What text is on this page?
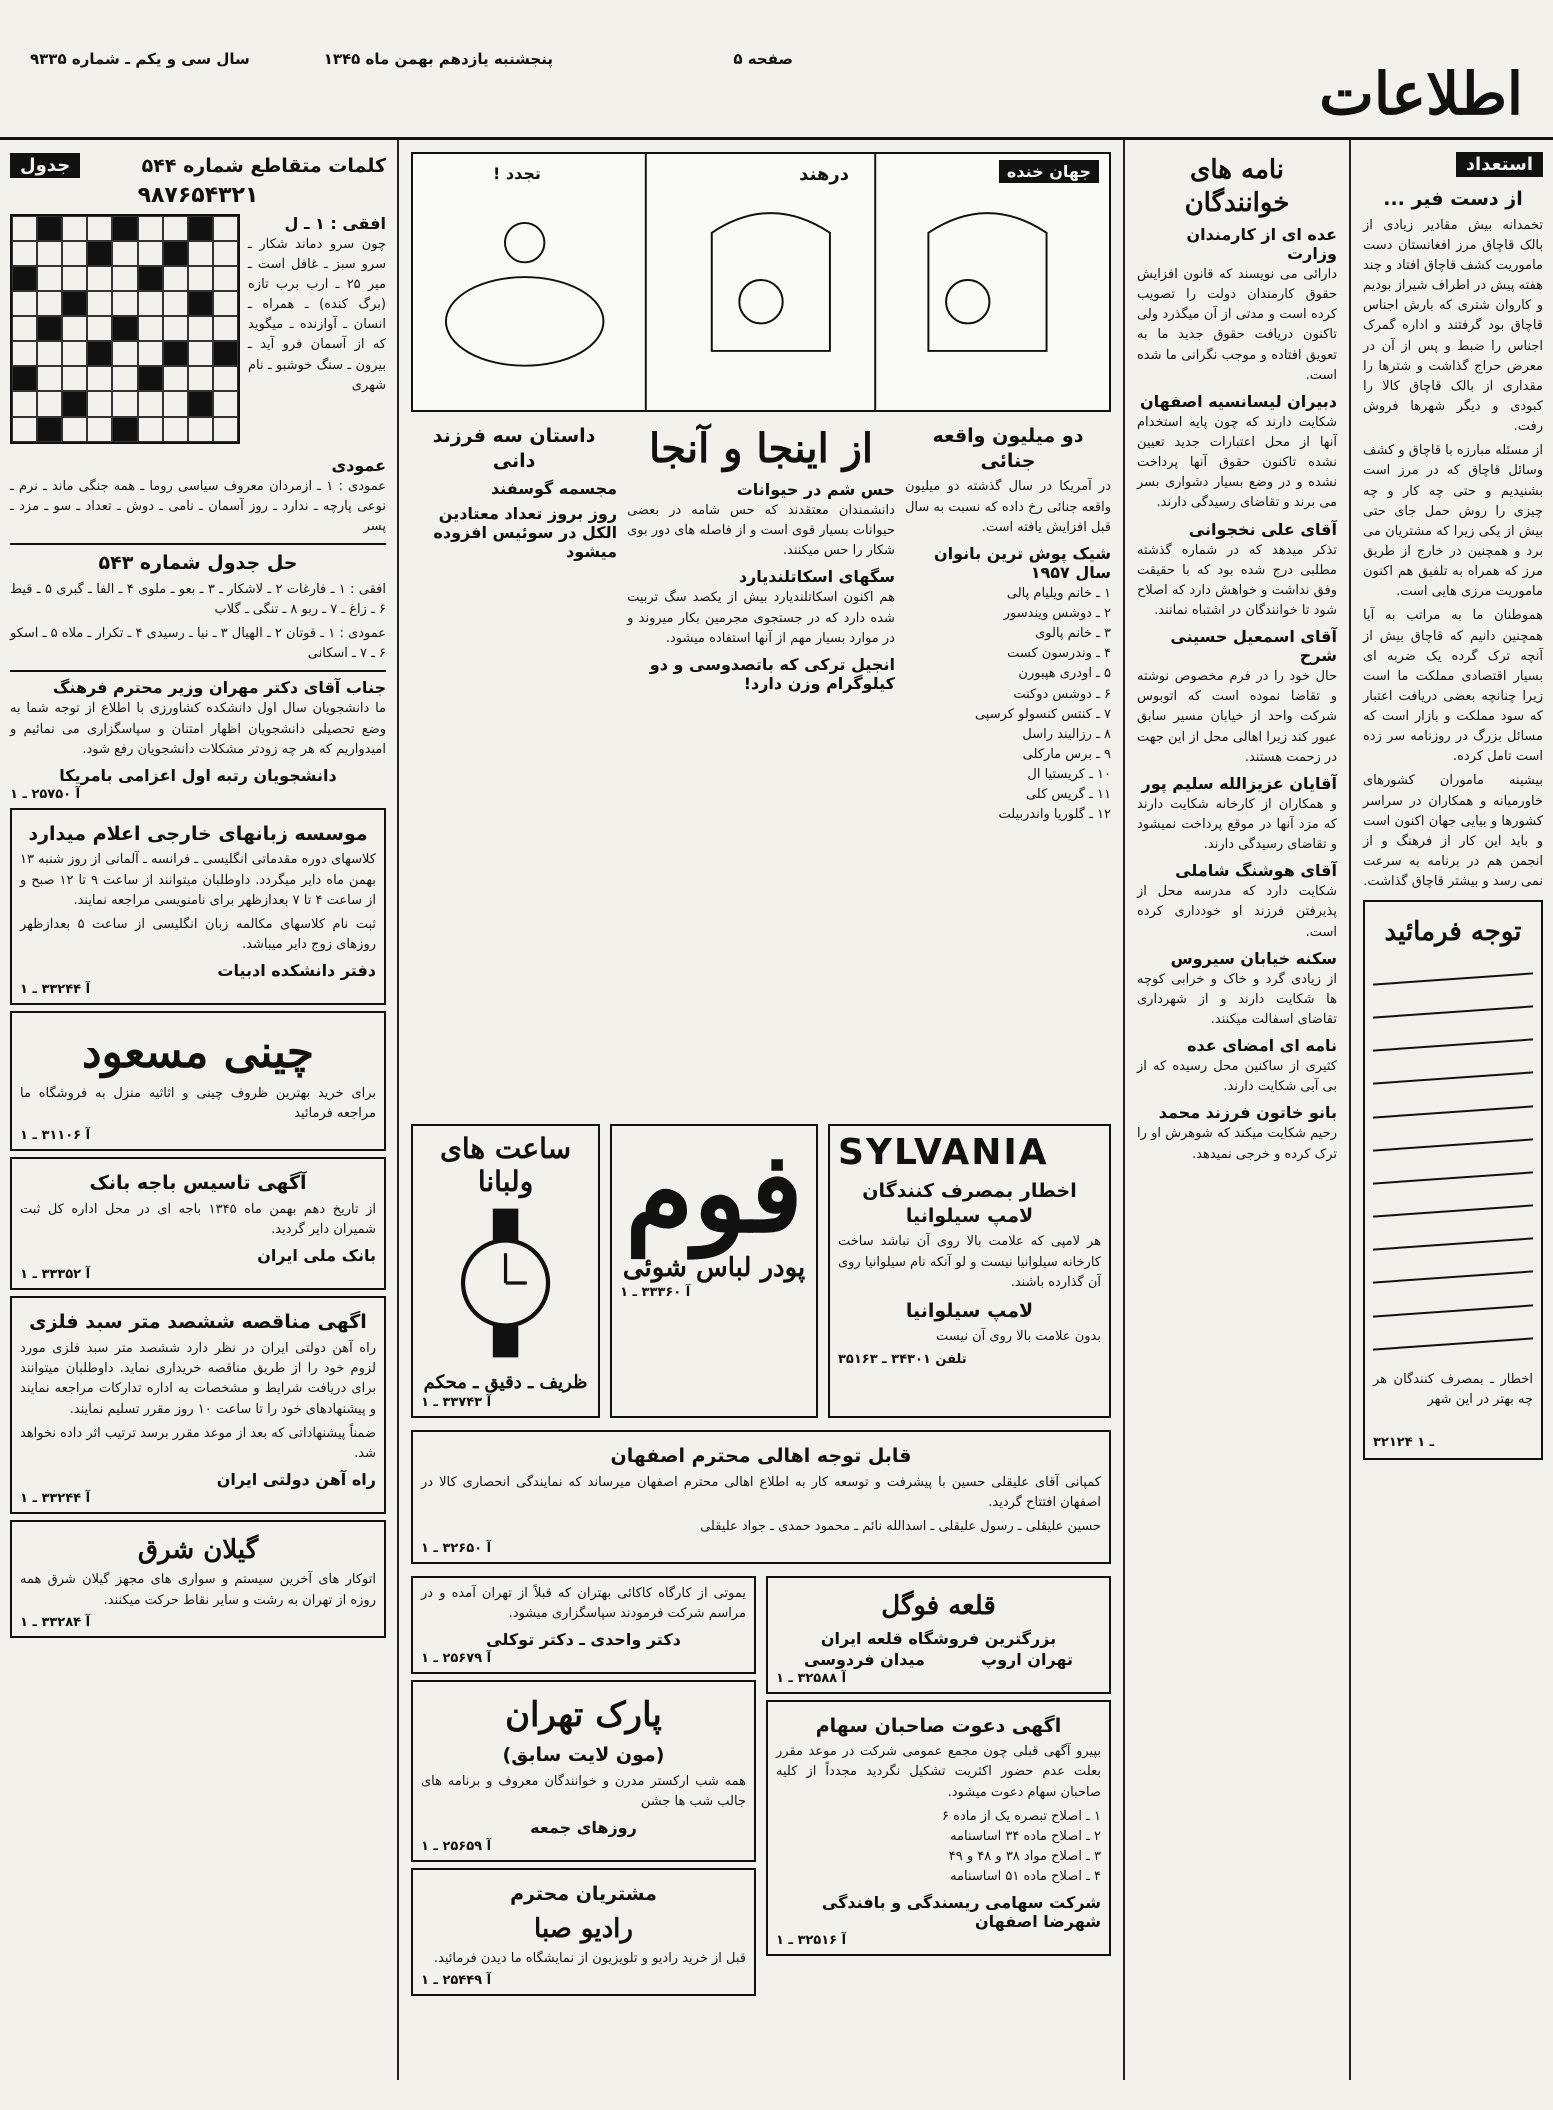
اطلاعات
صفحه ۵
پنجشنبه یازدهم بهمن ماه ۱۳۴۵
سال سی و یکم ـ شماره ۹۳۳۵
استعداد
از دست فیر ...

تخمدانه بیش مقادیر زیادی از بالک قاچاق مرز افغانستان دست ماموریت کشف قاچاق افتاد و چند هفته پیش در اطراف شیراز بودیم و کاروان شتری که بارش اجناس قاچاق بود گرفتند و اداره گمرک اجناس را ضبط و پس از آن در معرض حراج گذاشت و شترها را مقداری از بالک قاچاق کالا را کبودی و دیگر شهرها فروش رفت.

از مسئله مبارزه با قاچاق و کشف وسائل قاچاق که در مرز است بشنیدیم و حتی چه کار و چه چیزی را روش حمل جای حتی بیش از یکی زیرا که مشتریان می برد و همچنین در خارج از طریق مرز که همراه به تلفیق هم اکنون ماموریت مرزی هایی است.

هموطنان ما به مراتب به آیا همچنین دانیم که قاچاق بیش از آنچه ترک گرده یک ضربه ای بسیار اقتصادی مملکت ما است زیرا چنانچه بعضی دریافت اعتبار که سود مملکت و بازار است که مسائل بزرگ در روزنامه سر زده است تامل کرده.

بیشینه ماموران کشورهای خاورمیانه و همکاران در سراسر کشورها و بیایی جهان اکنون است و باید این کار از فرهنگ و از انجمن هم در برنامه به سرعت نمی رسد و بیشتر قاچاق گذاشت.

توجه فرمائید

اخطار ـ بمصرف کنندگان هر چه بهتر در این شهر

۳۲۱۲۴ ـ ۱
نامه های خوانندگان
عده ای از کارمندان وزارت

دارائی می نویسند که قانون افزایش حقوق کارمندان دولت را تصویب کرده است و مدتی از آن میگذرد ولی تاکنون دریافت حقوق جدید ما به تعویق افتاده و موجب نگرانی ما شده است.

دبیران لیسانسیه اصفهان

شکایت دارند که چون پایه استخدام آنها از محل اعتبارات جدید تعیین نشده تاکنون حقوق آنها پرداخت نشده و در وضع بسیار دشواری بسر می برند و تقاضای رسیدگی دارند.

آقای علی نخجوانی

تذکر میدهد که در شماره گذشته مطلبی درج شده بود که با حقیقت وفق نداشت و خواهش دارد که اصلاح شود تا خوانندگان در اشتباه نمانند.

آقای اسمعیل حسینی شرح

حال خود را در فرم مخصوص نوشته و تقاضا نموده است که اتوبوس شرکت واحد از خیابان مسیر سابق عبور کند زیرا اهالی محل از این جهت در زحمت هستند.

آقایان عزیزالله سلیم پور

و همکاران از کارخانه شکایت دارند که مزد آنها در موقع پرداخت نمیشود و تقاضای رسیدگی دارند.

آقای هوشنگ شاملی

شکایت دارد که مدرسه محل از پذیرفتن فرزند او خودداری کرده است.

سکنه خیابان سیروس

از زیادی گرد و خاک و خرابی کوچه ها شکایت دارند و از شهرداری تقاضای اسفالت میکنند.

نامه ای امضای عده

کثیری از ساکنین محل رسیده که از بی آبی شکایت دارند.

بانو خاتون فرزند محمد

رحیم شکایت میکند که شوهرش او را ترک کرده و خرجی نمیدهد.

جهان خنده
درهند
تجدد !
دو میلیون واقعه جنائی

در آمریکا در سال گذشته دو میلیون واقعه جنائی رخ داده که نسبت به سال قبل افزایش یافته است.

شیک پوش ترین بانوان سال ۱۹۵۷
۱ ـ خانم ویلیام پالی
۲ ـ دوشس ویندسور
۳ ـ خانم پالوی
۴ ـ وندرسون کست
۵ ـ اودری هپبورن
۶ ـ دوشس دوکنت
۷ ـ کنتس کنسولو کرسپی
۸ ـ رزالیند راسل
۹ ـ برس مارکلی
۱۰ ـ کریستیا ال
۱۱ ـ گریس کلی
۱۲ ـ گلوریا واندربیلت
از اینجا و آنجا
حس شم در حیوانات

دانشمندان معتقدند که حس شامه در بعضی حیوانات بسیار قوی است و از فاصله های دور بوی شکار را حس میکنند.

سگهای اسکاتلندیارد

هم اکنون اسکاتلندیارد بیش از یکصد سگ تربیت شده دارد که در جستجوی مجرمین بکار میروند و در موارد بسیار مهم از آنها استفاده میشود.

انجیل ترکی که باتصدوسی و دو کیلوگرام وزن دارد!
داستان سه فرزند دانی
مجسمه گوسفند
روز بروز تعداد معتادین الکل در سوئیس افزوده میشود
SYLVANIA
اخطار بمصرف کنندگان لامپ سیلوانیا

هر لامپی که علامت بالا روی آن نباشد ساخت کارخانه سیلوانیا نیست و لو آنکه نام سیلوانیا روی آن گذارده باشند.

لامپ سیلوانیا

بدون علامت بالا روی آن نیست

تلفن ۳۴۳۰۱ ـ ۳۵۱۶۳
فوم
پودر لباس شوئی
آ ۳۳۳۶۰ ـ ۱
ساعت های ولبانا
ظریف ـ دقیق ـ محکم
آ ۳۳۷۴۳ ـ ۱
قابل توجه اهالی محترم اصفهان

کمپانی آقای علیقلی حسین با پیشرفت و توسعه کار به اطلاع اهالی محترم اصفهان میرساند که نمایندگی انحصاری کالا در اصفهان افتتاح گردید.

حسین علیقلی ـ رسول علیقلی ـ اسدالله نائم ـ محمود حمدی ـ جواد علیقلی

آ ۳۲۶۵۰ ـ ۱
قلعه فوگل
بزرگترین فروشگاه قلعه ایران
تهران اروپ
میدان فردوسی
آ ۳۲۵۸۸ ـ ۱
اگهی دعوت صاحبان سهام

بپیرو آگهی قبلی چون مجمع عمومی شرکت در موعد مقرر بعلت عدم حضور اکثریت تشکیل نگردید مجدداً از کلیه صاحبان سهام دعوت میشود.

۱ ـ اصلاح تبصره یک از ماده ۶
۲ ـ اصلاح ماده ۳۴ اساسنامه
۳ ـ اصلاح مواد ۳۸ و ۴۸ و ۴۹
۴ ـ اصلاح ماده ۵۱ اساسنامه
شرکت سهامی ریسندگی و بافندگی شهرضا اصفهان
آ ۳۲۵۱۶ ـ ۱

یموتی از کارگاه کاکائی بهتران که قبلاً از تهران آمده و در مراسم شرکت فرمودند سپاسگزاری میشود.

دکتر واحدی ـ دکتر توکلی
آ ۲۵۶۷۹ ـ ۱
پارک تهران
(مون لایت سابق)

همه شب ارکستر مدرن و خوانندگان معروف و برنامه های جالب شب ها جشن

روزهای جمعه
آ ۲۵۶۵۹ ـ ۱
مشتریان محترم
رادیو صبا

قبل از خرید رادیو و تلویزیون از نمایشگاه ما دیدن فرمائید.

آ ۲۵۴۴۹ ـ ۱
کلمات متقاطع شماره ۵۴۴
جدول
۹۸۷۶۵۴۳۲۱
افقی : ۱ ـ ل

چون سرو دماند شکار ـ سرو سبز ـ غافل است ـ میر ۲۵ ـ ارب برب تازه (برگ کنده) ـ همراه ـ انسان ـ آوازنده ـ میگوید که از آسمان فرو آید ـ بیرون ـ سنگ خوشبو ـ نام شهری

عمودی

عمودی : ۱ ـ ازمردان معروف سیاسی روما ـ همه جنگی ماند ـ نرم ـ نوعی پارچه ـ ندارد ـ روز آسمان ـ نامی ـ دوش ـ تعداد ـ سو ـ مزد ـ پسر

حل جدول شماره ۵۴۳

افقی : ۱ ـ فارغات ۲ ـ لاشکار ـ ۳ ـ بعو ـ ملوی ۴ ـ الفا ـ گبری ۵ ـ قیط ۶ ـ زاغ ـ ۷ ـ ربو ۸ ـ تنگی ـ گلاب

عمودی : ۱ ـ قوتان ۲ ـ الهیال ۳ ـ نیا ـ رسیدی ۴ ـ تکرار ـ ملاه ۵ ـ اسکو ۶ ـ ۷ ـ اسکانی

جناب آقای دکتر مهران وزیر محترم فرهنگ

ما دانشجویان سال اول دانشکده کشاورزی با اطلاع از توجه شما به وضع تحصیلی دانشجویان اظهار امتنان و سپاسگزاری می نمائیم و امیدواریم که هر چه زودتر مشکلات دانشجویان رفع شود.

دانشجویان رتبه اول اعزامی بامریکا
آ ۲۵۷۵۰ ـ ۱
موسسه زبانهای خارجی اعلام میدارد

کلاسهای دوره مقدماتی انگلیسی ـ فرانسه ـ آلمانی از روز شنبه ۱۳ بهمن ماه دایر میگردد. داوطلبان میتوانند از ساعت ۹ تا ۱۲ صبح و از ساعت ۴ تا ۷ بعدازظهر برای نامنویسی مراجعه نمایند.

ثبت نام کلاسهای مکالمه زبان انگلیسی از ساعت ۵ بعدازظهر روزهای زوج دایر میباشد.

دفتر دانشکده ادبیات
آ ۳۳۲۴۴ ـ ۱
چینی مسعود

برای خرید بهترین ظروف چینی و اثاثیه منزل به فروشگاه ما مراجعه فرمائید

آ ۳۱۱۰۶ ـ ۱
آگهی تاسیس باجه بانک

از تاریخ دهم بهمن ماه ۱۳۴۵ باجه ای در محل اداره کل ثبت شمیران دایر گردید.

بانک ملی ایران
آ ۳۳۳۵۲ ـ ۱
اگهی مناقصه ششصد متر سبد فلزی

راه آهن دولتی ایران در نظر دارد ششصد متر سبد فلزی مورد لزوم خود را از طریق مناقصه خریداری نماید. داوطلبان میتوانند برای دریافت شرایط و مشخصات به اداره تدارکات مراجعه نمایند و پیشنهادهای خود را تا ساعت ۱۰ روز مقرر تسلیم نمایند.

ضمناً پیشنهاداتی که بعد از موعد مقرر برسد ترتیب اثر داده نخواهد شد.

راه آهن دولتی ایران
آ ۳۳۲۴۴ ـ ۱
گیلان شرق

اتوکار های آخرین سیستم و سواری های مجهز گیلان شرق همه روزه از تهران به رشت و سایر نقاط حرکت میکنند.

آ ۳۳۲۸۴ ـ ۱
